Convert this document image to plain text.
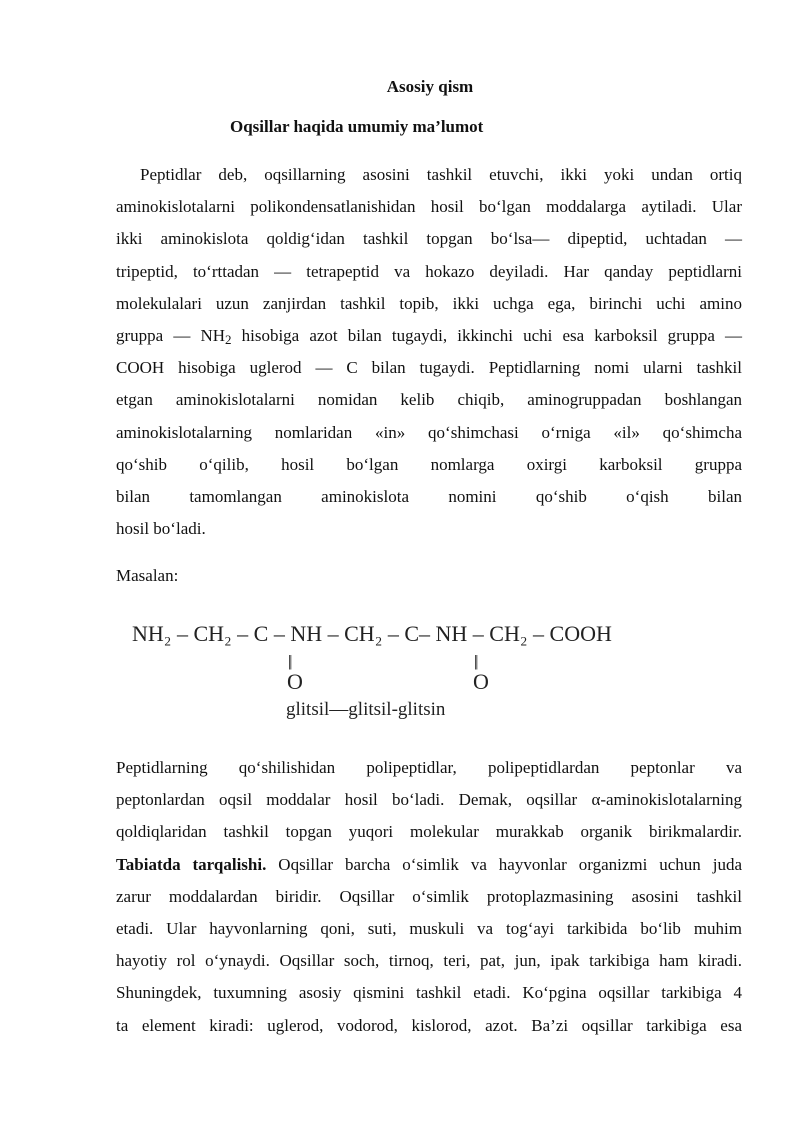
Asosiy qism
Oqsillar haqida umumiy ma’lumot
Peptidlar deb, oqsillarning asosini tashkil etuvchi, ikki yoki undan ortiq
aminokislotalarni polikondensatlanishidan hosil bo‘lgan moddalarga aytiladi. Ular
ikki aminokislota qoldig‘idan tashkil topgan bo‘lsa— dipeptid, uchtadan —
tripeptid, to‘rttadan — tetrapeptid va hokazo deyiladi. Har qanday peptidlarni
molekulalari uzun zanjirdan tashkil topib, ikki uchga ega, birinchi uchi amino
gruppa — $NH_2$ hisobiga azot bilan tugaydi, ikkinchi uchi esa karboksil gruppa —
COOH hisobiga uglerod — C bilan tugaydi. Peptidlarning nomi ularni tashkil
etgan aminokislotalarni nomidan kelib chiqib, aminogruppadan boshlangan
aminokislotalarning nomlaridan «in» qo‘shimchasi o‘rniga «il» qo‘shimcha
qo‘shib o‘qilib, hosil bo‘lgan nomlarga oxirgi karboksil gruppa
bilan tamomlangan aminokislota nomini qo‘shib o‘qish bilan
hosil bo‘ladi.
Masalan:
NH₂ – CH₂ – C – NH – CH₂ – C– NH – CH₂ – COOH
||
O
||
O
glitsil—glitsil-glitsin
Peptidlarning qo‘shilishidan polipeptidlar, polipeptidlardan peptonlar va
peptonlardan oqsil moddalar hosil bo‘ladi. Demak, oqsillar α-aminokislotalarning
qoldiqlaridan tashkil topgan yuqori molekular murakkab organik birikmalardir.
Tabiatda tarqalishi. Oqsillar barcha o‘simlik va hayvonlar organizmi uchun juda
zarur moddalardan biridir. Oqsillar o‘simlik protoplazmasining asosini tashkil
etadi. Ular hayvonlarning qoni, suti, muskuli va tog‘ayi tarkibida bo‘lib muhim
hayotiy rol o‘ynaydi. Oqsillar soch, tirnoq, teri, pat, jun, ipak tarkibiga ham kiradi.
Shuningdek, tuxumning asosiy qismini tashkil etadi. Ko‘pgina oqsillar tarkibiga 4
ta element kiradi: uglerod, vodorod, kislorod, azot. Ba’zi oqsillar tarkibiga esa
